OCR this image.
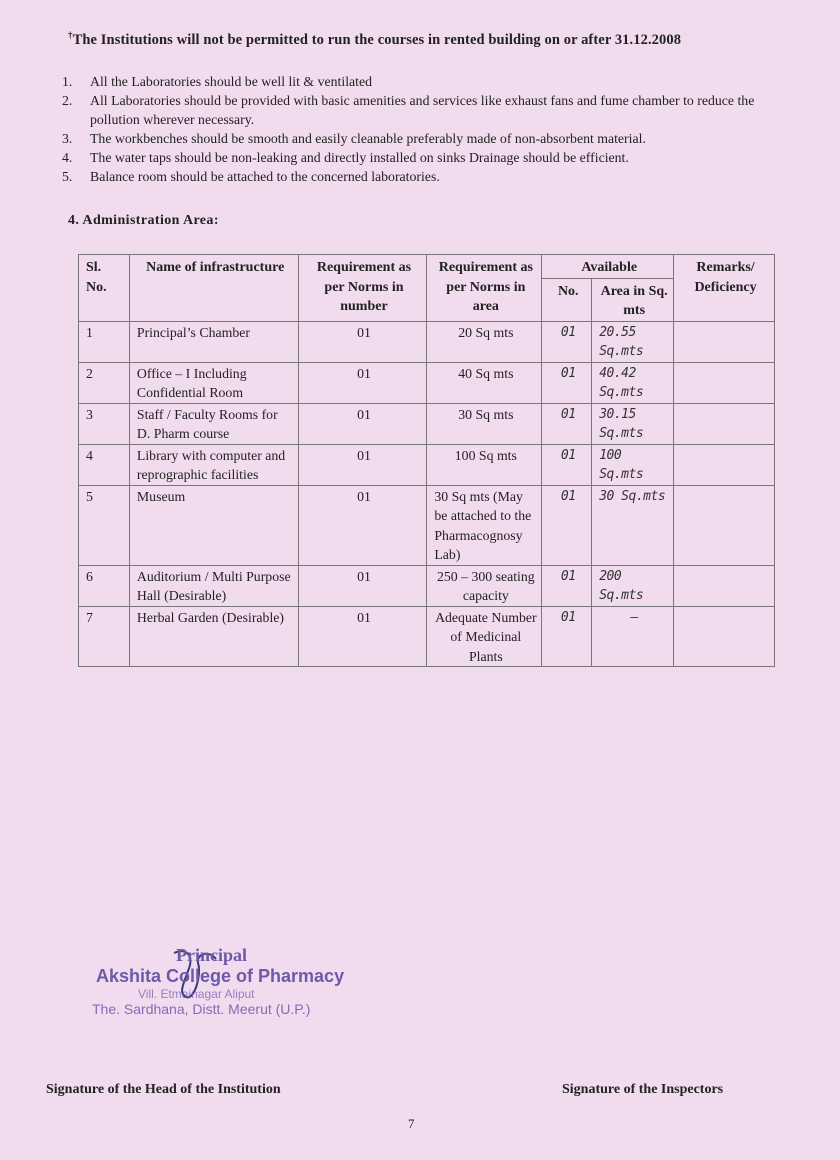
†The Institutions will not be permitted to run the courses in rented building on or after 31.12.2008
1.	All the Laboratories should be well lit & ventilated
2.	All Laboratories should be provided with basic amenities and services like exhaust fans and fume chamber to reduce the pollution wherever necessary.
3.	The workbenches should be smooth and easily cleanable preferably made of non-absorbent material.
4.	The water taps should be non-leaking and directly installed on sinks Drainage should be efficient.
5.	Balance room should be attached to the concerned laboratories.
4. Administration Area:
Sl. No.	Name of infrastructure	Requirement as per Norms in number	Requirement as per Norms in area	Available		Remarks/ Deficiency
				No.	Area in Sq. mts	
1	Principal’s Chamber	01	20 Sq mts	01	20.55 Sq.mts	
2	Office – I Including Confidential Room	01	40 Sq mts	01	40.42 Sq.mts	
3	Staff / Faculty Rooms for D. Pharm course	01	30 Sq mts	01	30.15 Sq.mts	
4	Library with computer and reprographic facilities	01	100 Sq mts	01	100 Sq.mts	
5	Museum	01	30 Sq mts (May be attached to the Pharmacognosy Lab)	01	30 Sq.mts	
6	Auditorium / Multi Purpose Hall (Desirable)	01	250 – 300 seating capacity	01	200 Sq.mts	
7	Herbal Garden (Desirable)	01	Adequate Number of Medicinal Plants	01	—	
Principal
Akshita College of Pharmacy
Vill. Etmainagar Aliput
The. Sardhana, Distt. Meerut (U.P.)
Signature of the Head of the Institution	Signature of the Inspectors
7
